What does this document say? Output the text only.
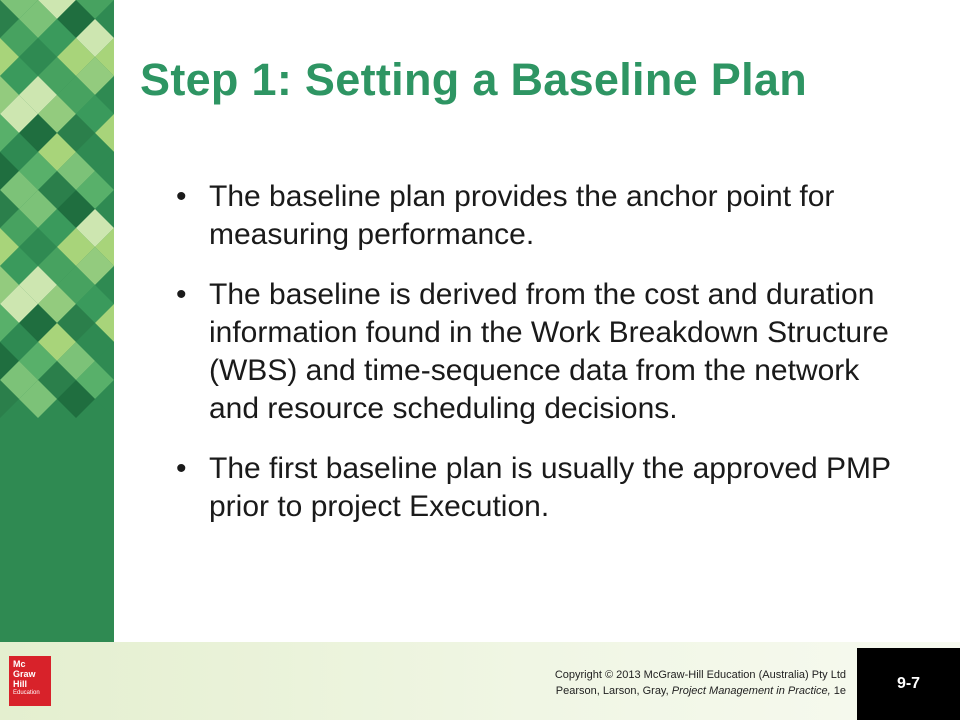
Step 1: Setting a Baseline Plan
• The baseline plan provides the anchor point for measuring performance.
• The baseline is derived from the cost and duration information found in the Work Breakdown Structure (WBS) and time-sequence data from the network and resource scheduling decisions.
• The first baseline plan is usually the approved PMP prior to project Execution.
Mc
Graw
Hill
Education
Copyright © 2013 McGraw-Hill Education (Australia) Pty Ltd
Pearson, Larson, Gray, Project Management in Practice, 1e	9-7
